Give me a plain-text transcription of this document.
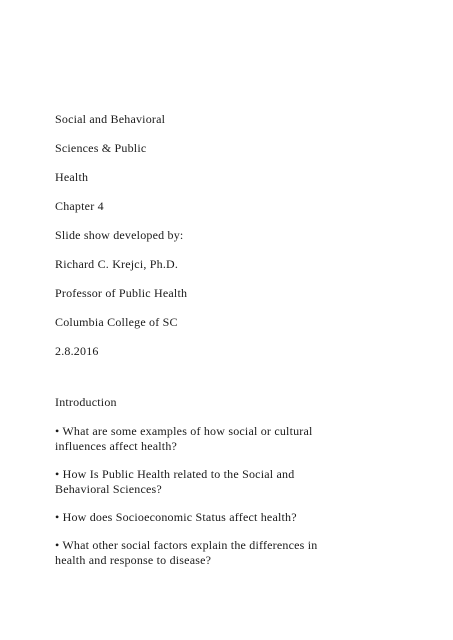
Social and Behavioral
Sciences & Public
Health
Chapter 4
Slide show developed by:
Richard C. Krejci, Ph.D.
Professor of Public Health
Columbia College of SC
2.8.2016
Introduction
• What are some examples of how social or cultural influences affect health?
• How Is Public Health related to the Social and Behavioral Sciences?
• How does Socioeconomic Status affect health?
• What other social factors explain the differences in health and response to disease?
